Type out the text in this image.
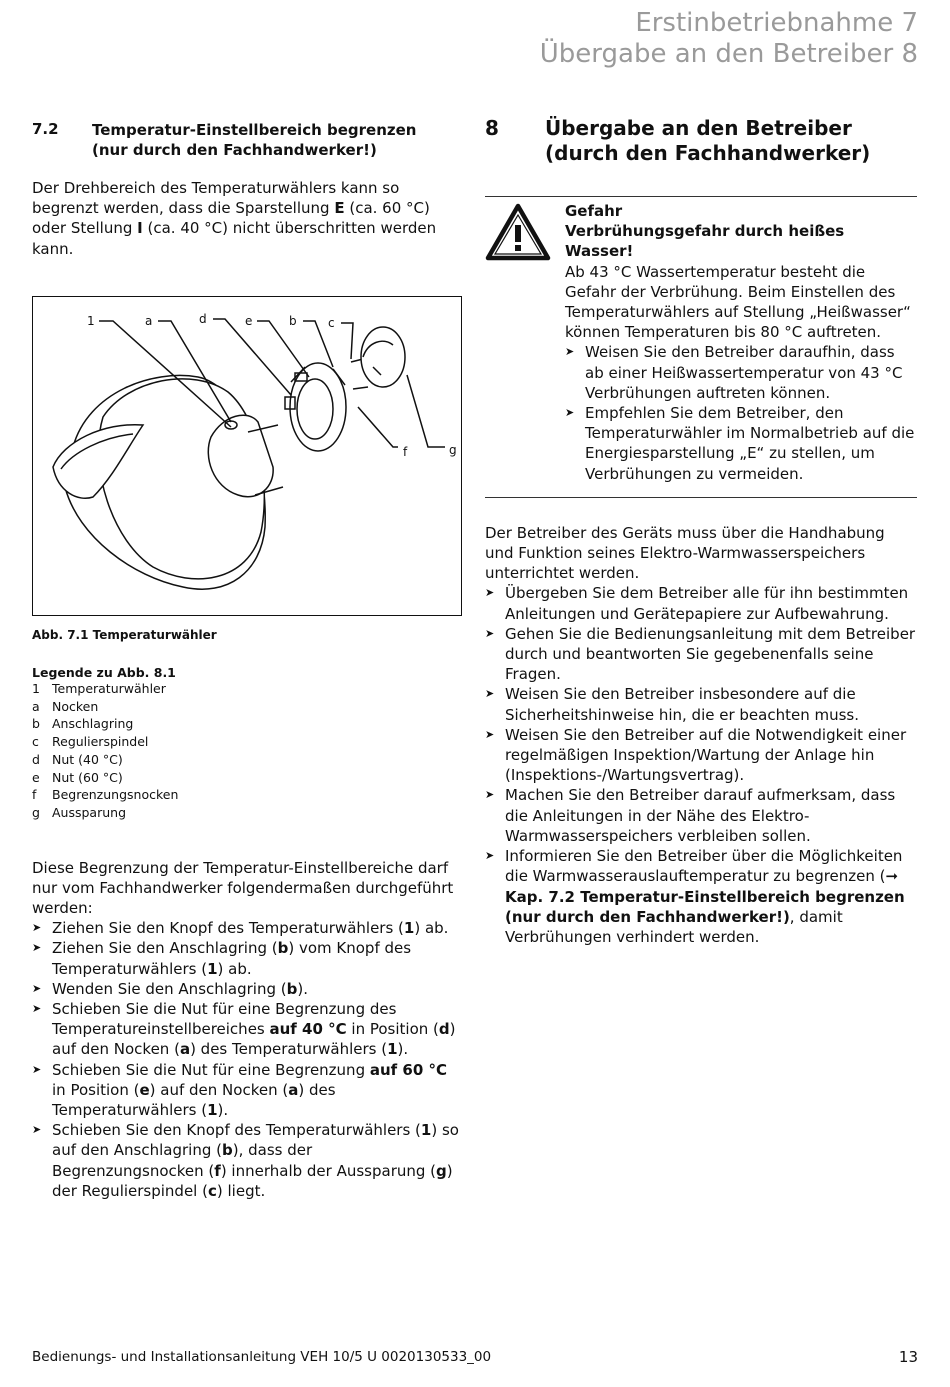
Erstinbetriebnahme 7
Übergabe an den Betreiber 8
7.2 Temperatur-Einstellbereich begrenzen
(nur durch den Fachhandwerker!)

Der Drehbereich des Temperaturwählers kann so begrenzt werden, dass die Sparstellung E (ca. 60 °C) oder Stellung I (ca. 40 °C) nicht überschritten werden kann.

1	a	d	e	b	c
f	g
Abb. 7.1 Temperaturwähler
Legende zu Abb. 8.1
1 Temperaturwähler
a Nocken
b Anschlagring
c Regulierspindel
d Nut (40 °C)
e Nut (60 °C)
f Begrenzungsnocken
g Aussparung

Diese Begrenzung der Temperatur-Einstellbereiche darf nur vom Fachhandwerker folgendermaßen durchgeführt werden:

➤ Ziehen Sie den Knopf des Temperaturwählers (1) ab.
➤ Ziehen Sie den Anschlagring (b) vom Knopf des Temperaturwählers (1) ab.
➤ Wenden Sie den Anschlagring (b).
➤ Schieben Sie die Nut für eine Begrenzung des Temperatureinstellbereiches auf 40 °C in Position (d) auf den Nocken (a) des Temperaturwählers (1).
➤ Schieben Sie die Nut für eine Begrenzung auf 60 °C in Position (e) auf den Nocken (a) des Temperaturwählers (1).
➤ Schieben Sie den Knopf des Temperaturwählers (1) so auf den Anschlagring (b), dass der Begrenzungsnocken (f) innerhalb der Aussparung (g) der Regulierspindel (c) liegt.
8 Übergabe an den Betreiber
(durch den Fachhandwerker)
Gefahr
Verbrühungsgefahr durch heißes Wasser!

Ab 43 °C Wassertemperatur besteht die Gefahr der Verbrühung. Beim Einstellen des Temperaturwählers auf Stellung „Heißwasser“ können Temperaturen bis 80 °C auftreten.

➤ Weisen Sie den Betreiber daraufhin, dass ab einer Heißwassertemperatur von 43 °C Verbrühungen auftreten können.
➤ Empfehlen Sie dem Betreiber, den Temperaturwähler im Normalbetrieb auf die Energiesparstellung „E“ zu stellen, um Verbrühungen zu vermeiden.

Der Betreiber des Geräts muss über die Handhabung und Funktion seines Elektro-Warmwasserspeichers unterrichtet werden.

➤ Übergeben Sie dem Betreiber alle für ihn bestimmten Anleitungen und Gerätepapiere zur Aufbewahrung.
➤ Gehen Sie die Bedienungsanleitung mit dem Betreiber durch und beantworten Sie gegebenenfalls seine Fragen.
➤ Weisen Sie den Betreiber insbesondere auf die Sicherheitshinweise hin, die er beachten muss.
➤ Weisen Sie den Betreiber auf die Notwendigkeit einer regelmäßigen Inspektion/Wartung der Anlage hin (Inspektions-/Wartungsvertrag).
➤ Machen Sie den Betreiber darauf aufmerksam, dass die Anleitungen in der Nähe des Elektro-Warmwasserspeichers verbleiben sollen.
➤ Informieren Sie den Betreiber über die Möglichkeiten die Warmwasserauslauftemperatur zu begrenzen (➞ Kap. 7.2 Temperatur-Einstellbereich begrenzen (nur durch den Fachhandwerker!), damit Verbrühungen verhindert werden.
Bedienungs- und Installationsanleitung VEH 10/5 U 0020130533_00	13
